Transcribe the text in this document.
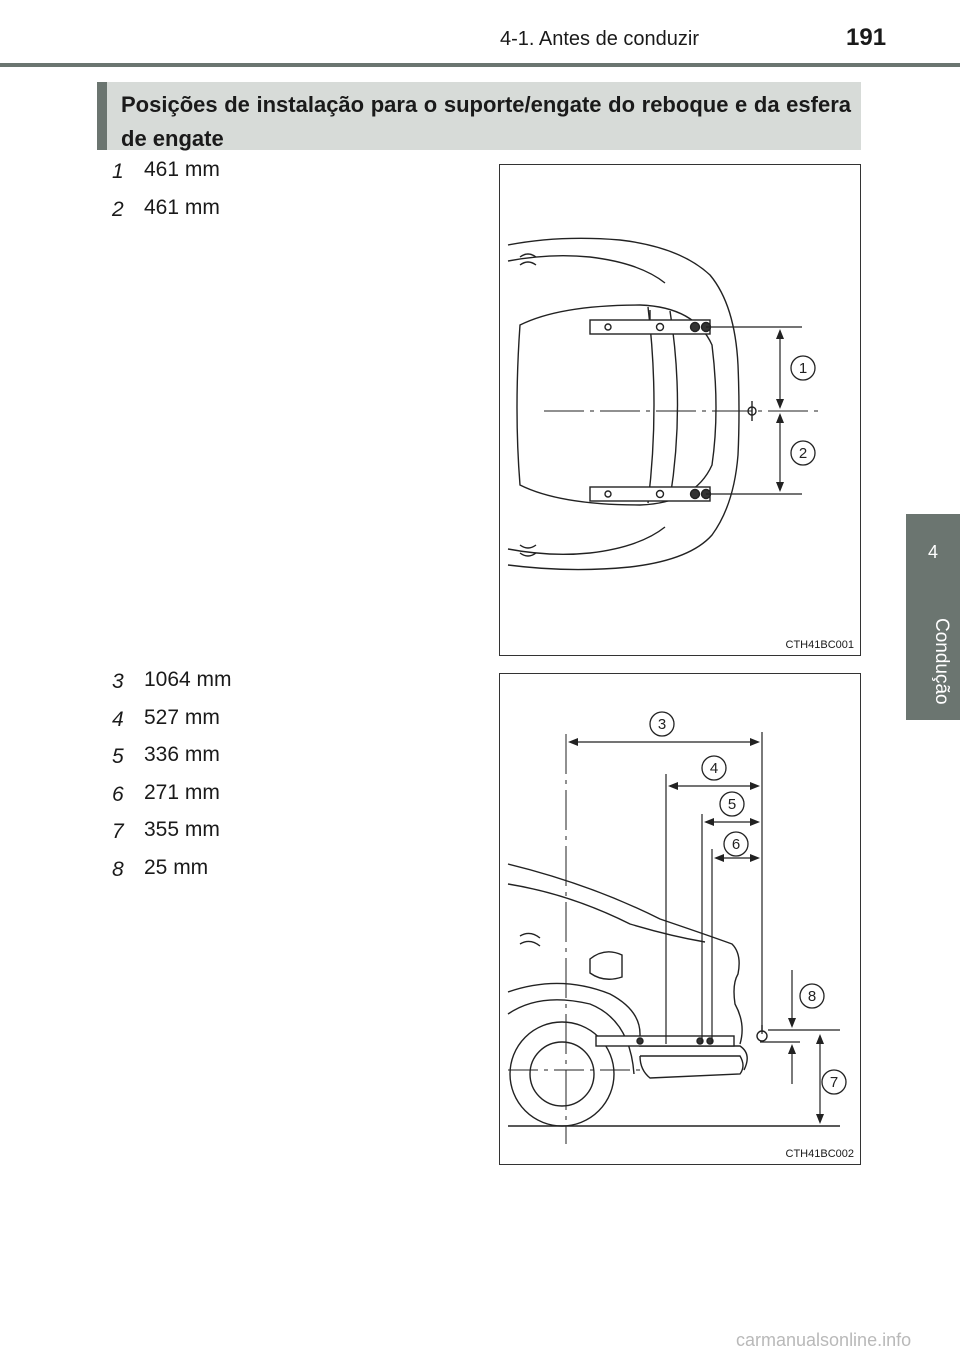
4-1. Antes de conduzir	191
4
Condução
Posições de instalação para o suporte/engate do reboque e da esfera de engate
1 461 mm
2 461 mm
3 1064 mm
4 527 mm
5 336 mm
6 271 mm
7 355 mm
8 25 mm
1
2
CTH41BC001
3
4
5
6
8
7
CTH41BC002
carmanualsonline.info
